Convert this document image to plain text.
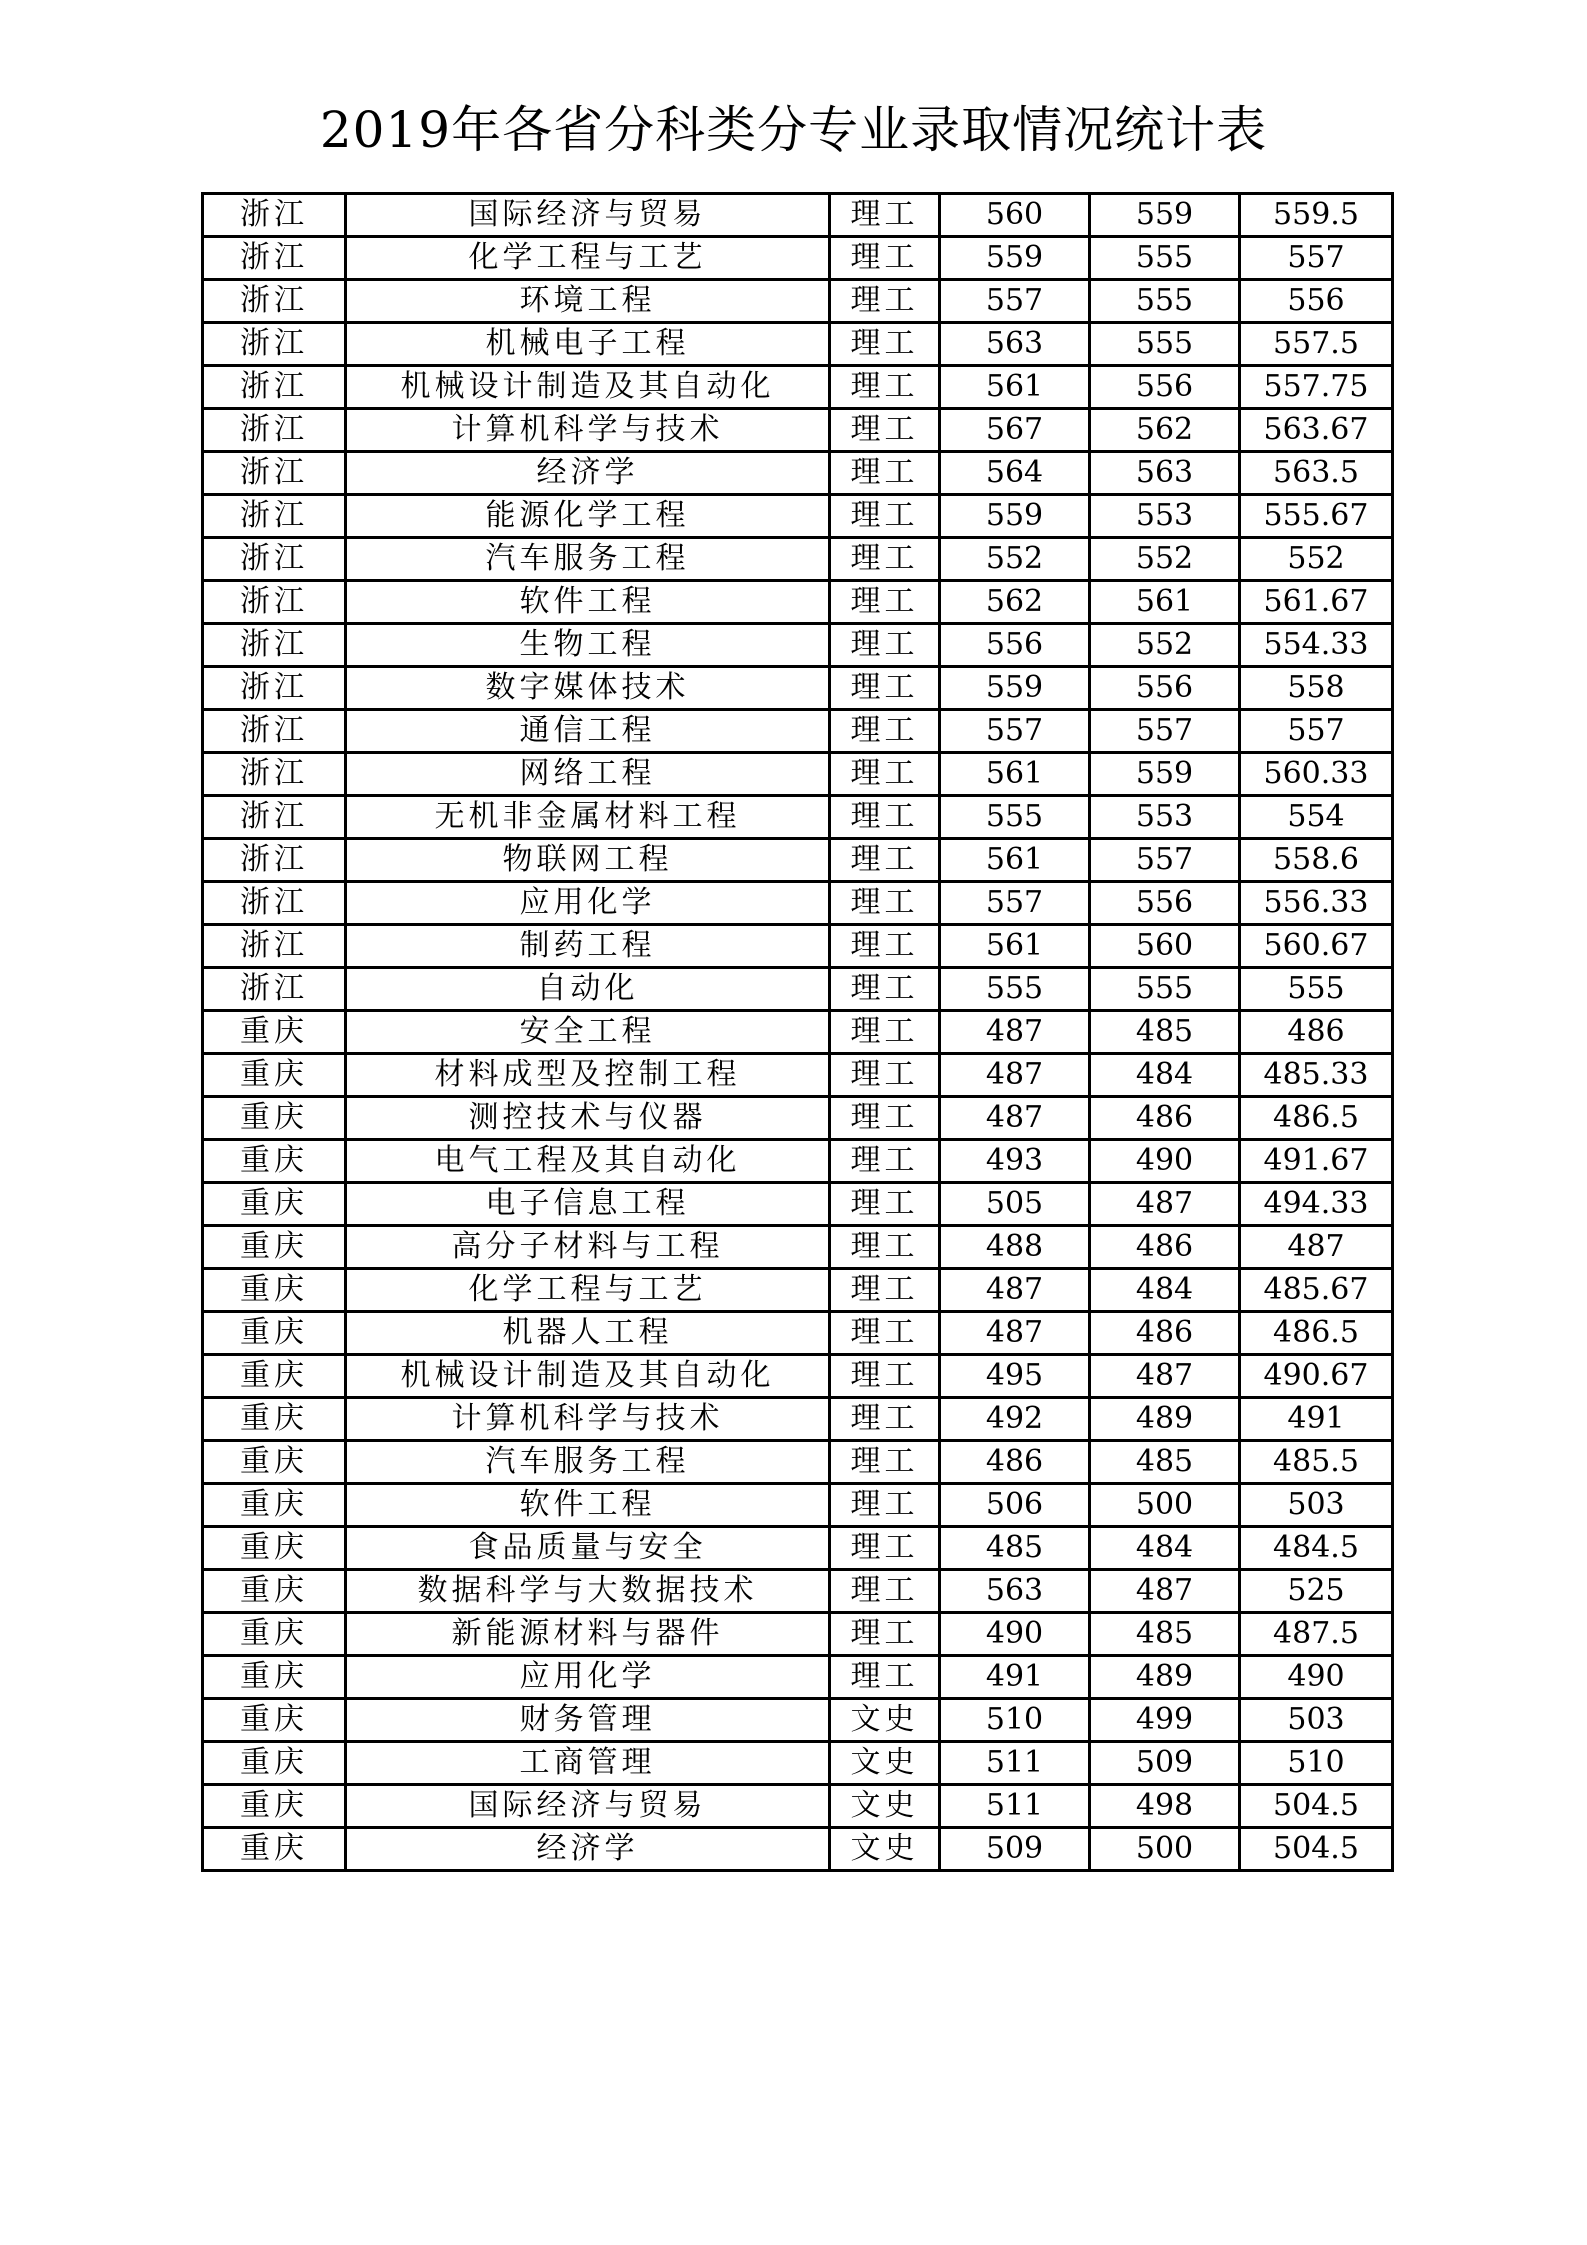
2019年各省分科类分专业录取情况统计表
浙江	国际经济与贸易	理工	560	559	559.5
浙江	化学工程与工艺	理工	559	555	557
浙江	环境工程	理工	557	555	556
浙江	机械电子工程	理工	563	555	557.5
浙江	机械设计制造及其自动化	理工	561	556	557.75
浙江	计算机科学与技术	理工	567	562	563.67
浙江	经济学	理工	564	563	563.5
浙江	能源化学工程	理工	559	553	555.67
浙江	汽车服务工程	理工	552	552	552
浙江	软件工程	理工	562	561	561.67
浙江	生物工程	理工	556	552	554.33
浙江	数字媒体技术	理工	559	556	558
浙江	通信工程	理工	557	557	557
浙江	网络工程	理工	561	559	560.33
浙江	无机非金属材料工程	理工	555	553	554
浙江	物联网工程	理工	561	557	558.6
浙江	应用化学	理工	557	556	556.33
浙江	制药工程	理工	561	560	560.67
浙江	自动化	理工	555	555	555
重庆	安全工程	理工	487	485	486
重庆	材料成型及控制工程	理工	487	484	485.33
重庆	测控技术与仪器	理工	487	486	486.5
重庆	电气工程及其自动化	理工	493	490	491.67
重庆	电子信息工程	理工	505	487	494.33
重庆	高分子材料与工程	理工	488	486	487
重庆	化学工程与工艺	理工	487	484	485.67
重庆	机器人工程	理工	487	486	486.5
重庆	机械设计制造及其自动化	理工	495	487	490.67
重庆	计算机科学与技术	理工	492	489	491
重庆	汽车服务工程	理工	486	485	485.5
重庆	软件工程	理工	506	500	503
重庆	食品质量与安全	理工	485	484	484.5
重庆	数据科学与大数据技术	理工	563	487	525
重庆	新能源材料与器件	理工	490	485	487.5
重庆	应用化学	理工	491	489	490
重庆	财务管理	文史	510	499	503
重庆	工商管理	文史	511	509	510
重庆	国际经济与贸易	文史	511	498	504.5
重庆	经济学	文史	509	500	504.5
